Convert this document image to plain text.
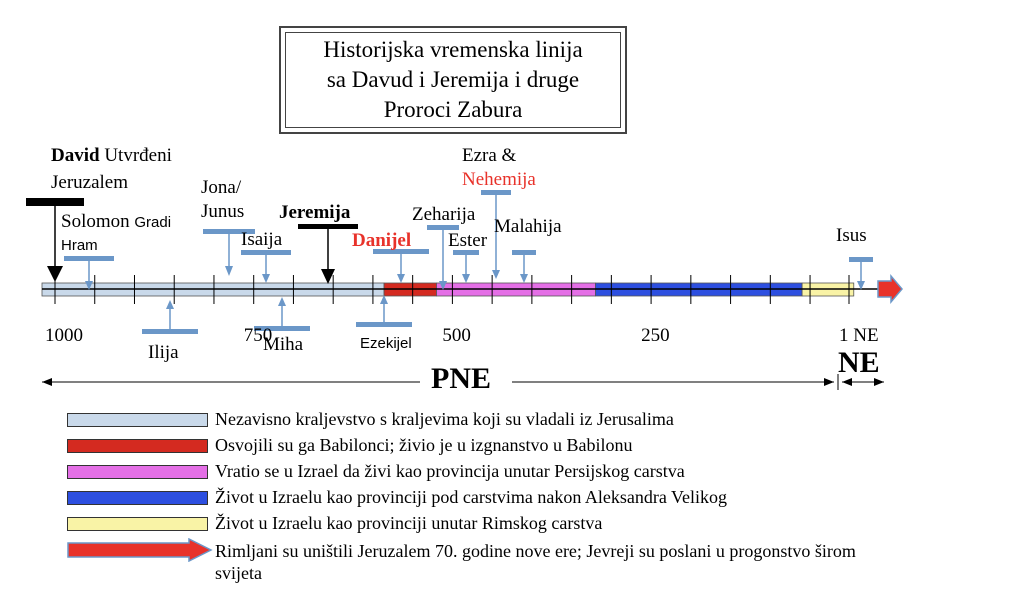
Historijska vremenska linija
sa Davud i Jeremija i druge
Proroci Zabura
David Utvrđeni
Jeruzalem
Solomon Gradi
Hram
Jona/
Junus
Isaija
Jeremija
Danijel
Zeharija
Ester
Ezra &
Nehemija
Malahija	Isus
Ilija	Miha	Ezekijel
1000	750	500	250	1 NE
PNE	NE
Nezavisno kraljevstvo s kraljevima koji su vladali iz Jerusalima
Osvojili su ga Babilonci; živio je u izgnanstvo u Babilonu
Vratio se u Izrael da živi kao provincija unutar Persijskog carstva
Život u Izraelu kao provinciji pod carstvima nakon Aleksandra Velikog
Život u Izraelu kao provinciji unutar Rimskog carstva
Rimljani su uništili Jeruzalem 70. godine nove ere; Jevreji su poslani u progonstvo širom
svijeta
